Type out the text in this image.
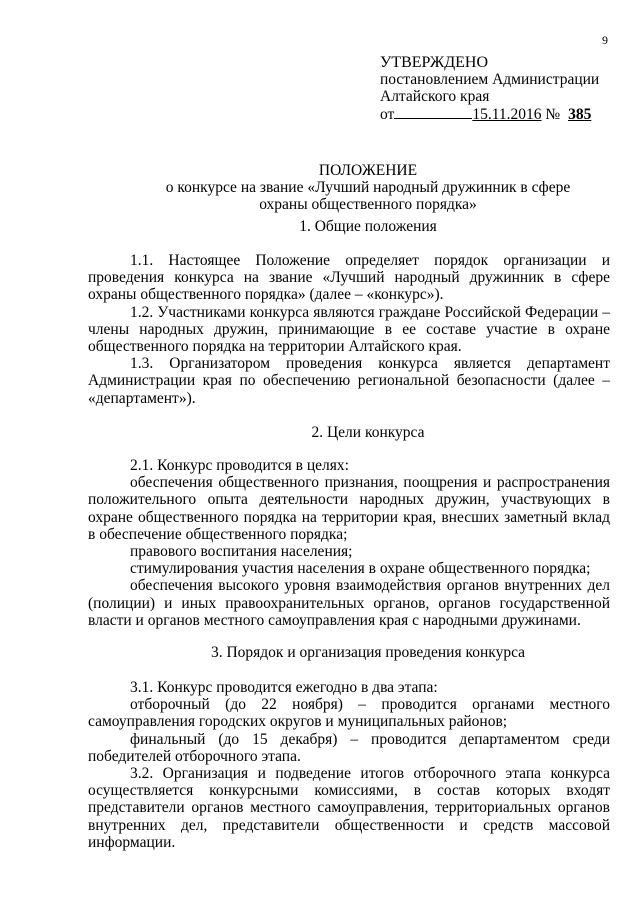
9
УТВЕРЖДЕНО
постановлением Администрации
Алтайского края
от	15.11.2016 № 385
ПОЛОЖЕНИЕ
о конкурсе на звание «Лучший народный дружинник в сфере
охраны общественного порядка»
1. Общие положения

1.1. Настоящее Положение определяет порядок организации и проведения конкурса на звание «Лучший народный дружинник в сфере охраны общественного порядка» (далее – «конкурс»).

1.2. Участниками конкурса являются граждане Российской Федерации – члены народных дружин, принимающие в ее составе участие в охране общественного порядка на территории Алтайского края.

1.3. Организатором проведения конкурса является департамент Администрации края по обеспечению региональной безопасности (далее – «департамент»).

2. Цели конкурса

2.1. Конкурс проводится в целях:

обеспечения общественного признания, поощрения и распространения положительного опыта деятельности народных дружин, участвующих в охране общественного порядка на территории края, внесших заметный вклад в обеспечение общественного порядка;

правового воспитания населения;

стимулирования участия населения в охране общественного порядка;

обеспечения высокого уровня взаимодействия органов внутренних дел (полиции) и иных правоохранительных органов, органов государственной власти и органов местного самоуправления края с народными дружинами.

3. Порядок и организация проведения конкурса

3.1. Конкурс проводится ежегодно в два этапа:

отборочный (до 22 ноября) – проводится органами местного самоуправления городских округов и муниципальных районов;

финальный (до 15 декабря) – проводится департаментом среди победителей отборочного этапа.

3.2. Организация и подведение итогов отборочного этапа конкурса осуществляется конкурсными комиссиями, в состав которых входят представители органов местного самоуправления, территориальных органов внутренних дел, представители общественности и средств массовой информации.
